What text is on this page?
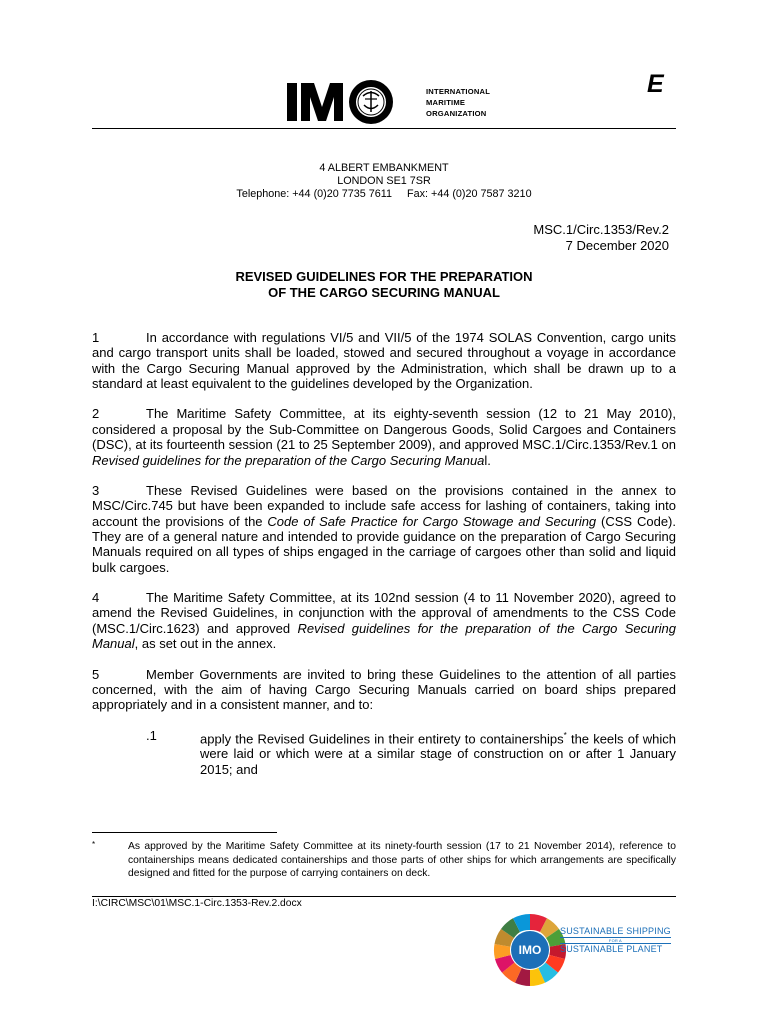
INTERNATIONAL
MARITIME
ORGANIZATION
E
4 ALBERT EMBANKMENT
LONDON SE1 7SR
Telephone: +44 (0)20 7735 7611 Fax: +44 (0)20 7587 3210
MSC.1/Circ.1353/Rev.2
7 December 2020
REVISED GUIDELINES FOR THE PREPARATION
OF THE CARGO SECURING MANUAL

1	In accordance with regulations VI/5 and VII/5 of the 1974 SOLAS Convention, cargo units and cargo transport units shall be loaded, stowed and secured throughout a voyage in accordance with the Cargo Securing Manual approved by the Administration, which shall be drawn up to a standard at least equivalent to the guidelines developed by the Organization.

2	The Maritime Safety Committee, at its eighty-seventh session (12 to 21 May 2010), considered a proposal by the Sub-Committee on Dangerous Goods, Solid Cargoes and Containers (DSC), at its fourteenth session (21 to 25 September 2009), and approved MSC.1/Circ.1353/Rev.1 on Revised guidelines for the preparation of the Cargo Securing Manual.

3	These Revised Guidelines were based on the provisions contained in the annex to MSC/Circ.745 but have been expanded to include safe access for lashing of containers, taking into account the provisions of the Code of Safe Practice for Cargo Stowage and Securing (CSS Code). They are of a general nature and intended to provide guidance on the preparation of Cargo Securing Manuals required on all types of ships engaged in the carriage of cargoes other than solid and liquid bulk cargoes.

4	The Maritime Safety Committee, at its 102nd session (4 to 11 November 2020), agreed to amend the Revised Guidelines, in conjunction with the approval of amendments to the CSS Code (MSC.1/Circ.1623) and approved Revised guidelines for the preparation of the Cargo Securing Manual, as set out in the annex.

5	Member Governments are invited to bring these Guidelines to the attention of all parties concerned, with the aim of having Cargo Securing Manuals carried on board ships prepared appropriately and in a consistent manner, and to:

.1	apply the Revised Guidelines in their entirety to containerships* the keels of which were laid or which were at a similar stage of construction on or after 1 January 2015; and

*	As approved by the Maritime Safety Committee at its ninety-fourth session (17 to 21 November 2014), reference to containerships means dedicated containerships and those parts of other ships for which arrangements are specifically designed and fitted for the purpose of carrying containers on deck.
I:\CIRC\MSC\01\MSC.1-Circ.1353-Rev.2.docx
IMO
SUSTAINABLE SHIPPING
FOR A
SUSTAINABLE PLANET
